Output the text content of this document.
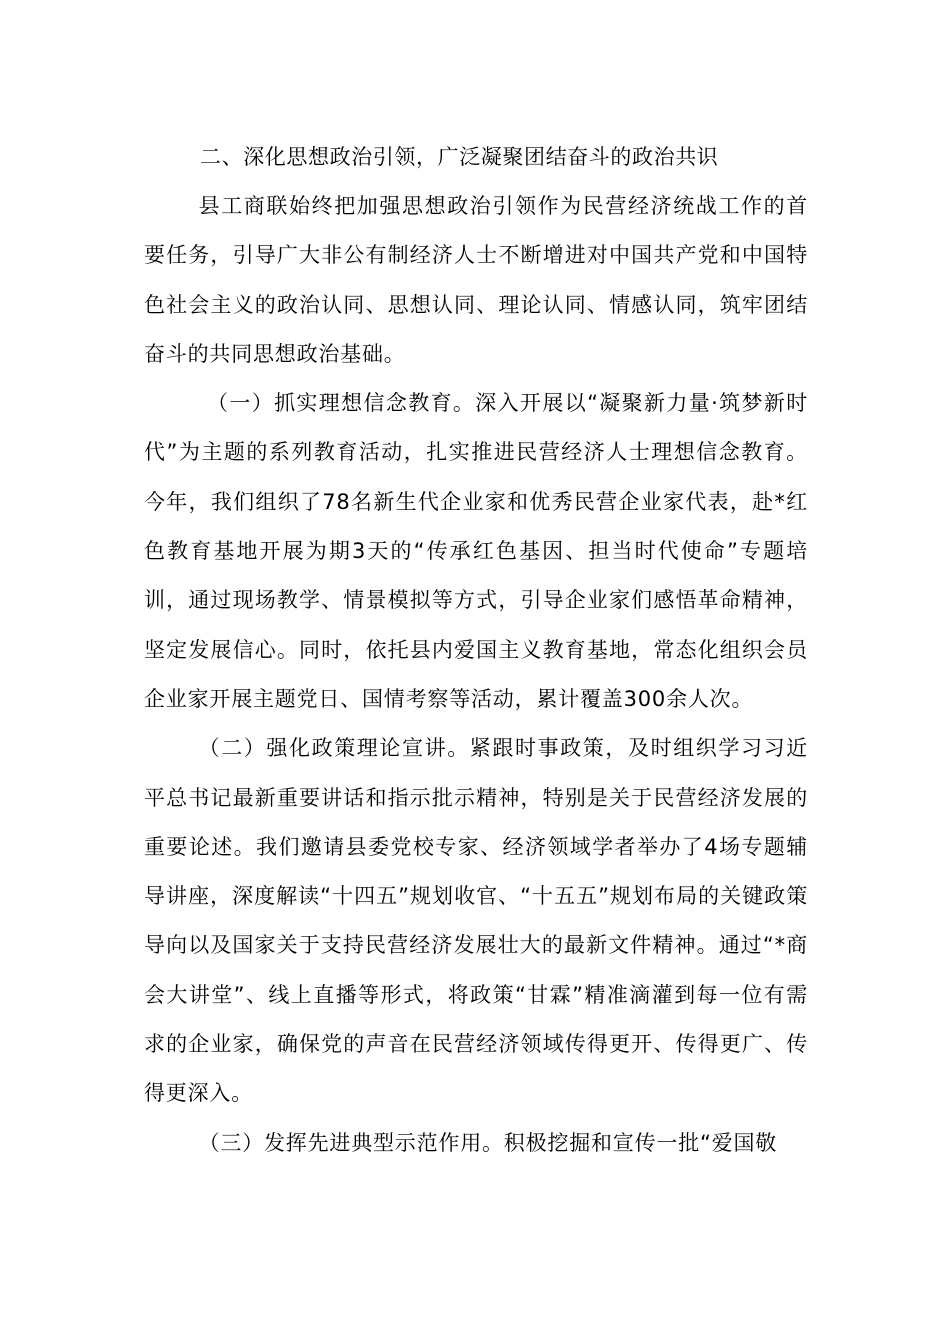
二、深化思想政治引领，广泛凝聚团结奋斗的政治共识

县工商联始终把加强思想政治引领作为民营经济统战工作的首要任务，引导广大非公有制经济人士不断增进对中国共产党和中国特色社会主义的政治认同、思想认同、理论认同、情感认同，筑牢团结奋斗的共同思想政治基础。

（一）抓实理想信念教育。深入开展以“凝聚新力量·筑梦新时代”为主题的系列教育活动，扎实推进民营经济人士理想信念教育。今年，我们组织了78名新生代企业家和优秀民营企业家代表，赴*红色教育基地开展为期3天的“传承红色基因、担当时代使命”专题培训，通过现场教学、情景模拟等方式，引导企业家们感悟革命精神，坚定发展信心。同时，依托县内爱国主义教育基地，常态化组织会员企业家开展主题党日、国情考察等活动，累计覆盖300余人次。

（二）强化政策理论宣讲。紧跟时事政策，及时组织学习习近平总书记最新重要讲话和指示批示精神，特别是关于民营经济发展的重要论述。我们邀请县委党校专家、经济领域学者举办了4场专题辅导讲座，深度解读“十四五”规划收官、“十五五”规划布局的关键政策导向以及国家关于支持民营经济发展壮大的最新文件精神。通过“*商会大讲堂”、线上直播等形式，将政策“甘霖”精准滴灌到每一位有需求的企业家，确保党的声音在民营经济领域传得更开、传得更广、传得更深入。

（三）发挥先进典型示范作用。积极挖掘和宣传一批“爱国敬
